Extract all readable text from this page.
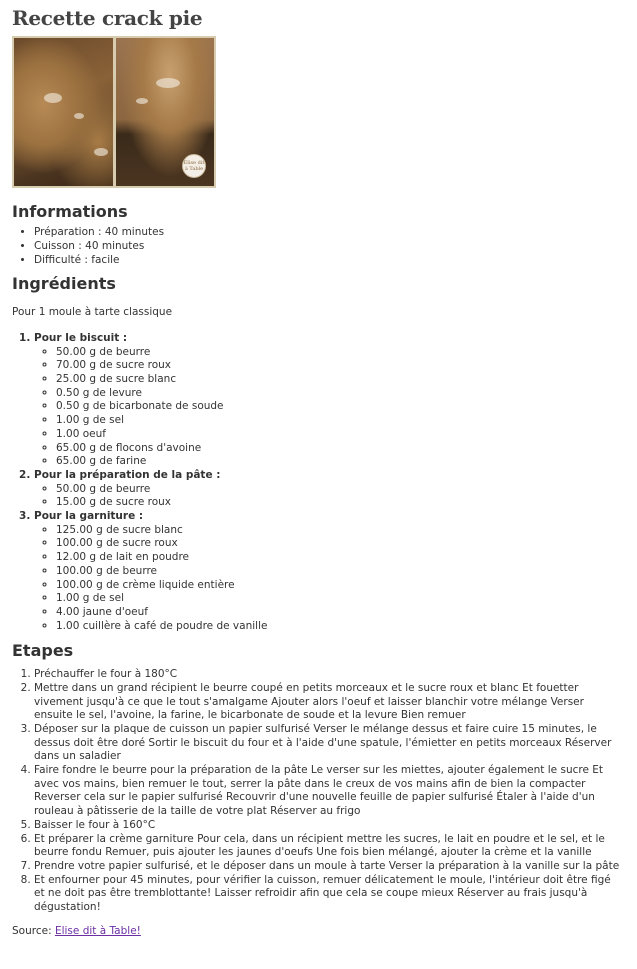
Recette crack pie
Elise dit à Table
Informations
• Préparation : 40 minutes
• Cuisson : 40 minutes
• Difficulté : facile
Ingrédients
Pour 1 moule à tarte classique
1. Pour le biscuit :
◦ 50.00 g de beurre
◦ 70.00 g de sucre roux
◦ 25.00 g de sucre blanc
◦ 0.50 g de levure
◦ 0.50 g de bicarbonate de soude
◦ 1.00 g de sel
◦ 1.00 oeuf
◦ 65.00 g de flocons d'avoine
◦ 65.00 g de farine
2. Pour la préparation de la pâte :
◦ 50.00 g de beurre
◦ 15.00 g de sucre roux
3. Pour la garniture :
◦ 125.00 g de sucre blanc
◦ 100.00 g de sucre roux
◦ 12.00 g de lait en poudre
◦ 100.00 g de beurre
◦ 100.00 g de crème liquide entière
◦ 1.00 g de sel
◦ 4.00 jaune d'oeuf
◦ 1.00 cuillère à café de poudre de vanille
Etapes
1. Préchauffer le four à 180°C
2. Mettre dans un grand récipient le beurre coupé en petits morceaux et le sucre roux et blanc Et fouetter vivement jusqu'à ce que le tout s'amalgame Ajouter alors l'oeuf et laisser blanchir votre mélange Verser ensuite le sel, l'avoine, la farine, le bicarbonate de soude et la levure Bien remuer
3. Déposer sur la plaque de cuisson un papier sulfurisé Verser le mélange dessus et faire cuire 15 minutes, le dessus doit être doré Sortir le biscuit du four et à l'aide d'une spatule, l'émietter en petits morceaux Réserver dans un saladier
4. Faire fondre le beurre pour la préparation de la pâte Le verser sur les miettes, ajouter également le sucre Et avec vos mains, bien remuer le tout, serrer la pâte dans le creux de vos mains afin de bien la compacter Reverser cela sur le papier sulfurisé Recouvrir d'une nouvelle feuille de papier sulfurisé Étaler à l'aide d'un rouleau à pâtisserie de la taille de votre plat Réserver au frigo
5. Baisser le four à 160°C
6. Et préparer la crème garniture Pour cela, dans un récipient mettre les sucres, le lait en poudre et le sel, et le beurre fondu Remuer, puis ajouter les jaunes d'oeufs Une fois bien mélangé, ajouter la crème et la vanille
7. Prendre votre papier sulfurisé, et le déposer dans un moule à tarte Verser la préparation à la vanille sur la pâte
8. Et enfourner pour 45 minutes, pour vérifier la cuisson, remuer délicatement le moule, l'intérieur doit être figé et ne doit pas être tremblottante! Laisser refroidir afin que cela se coupe mieux Réserver au frais jusqu'à dégustation!
Source: Elise dit à Table!
